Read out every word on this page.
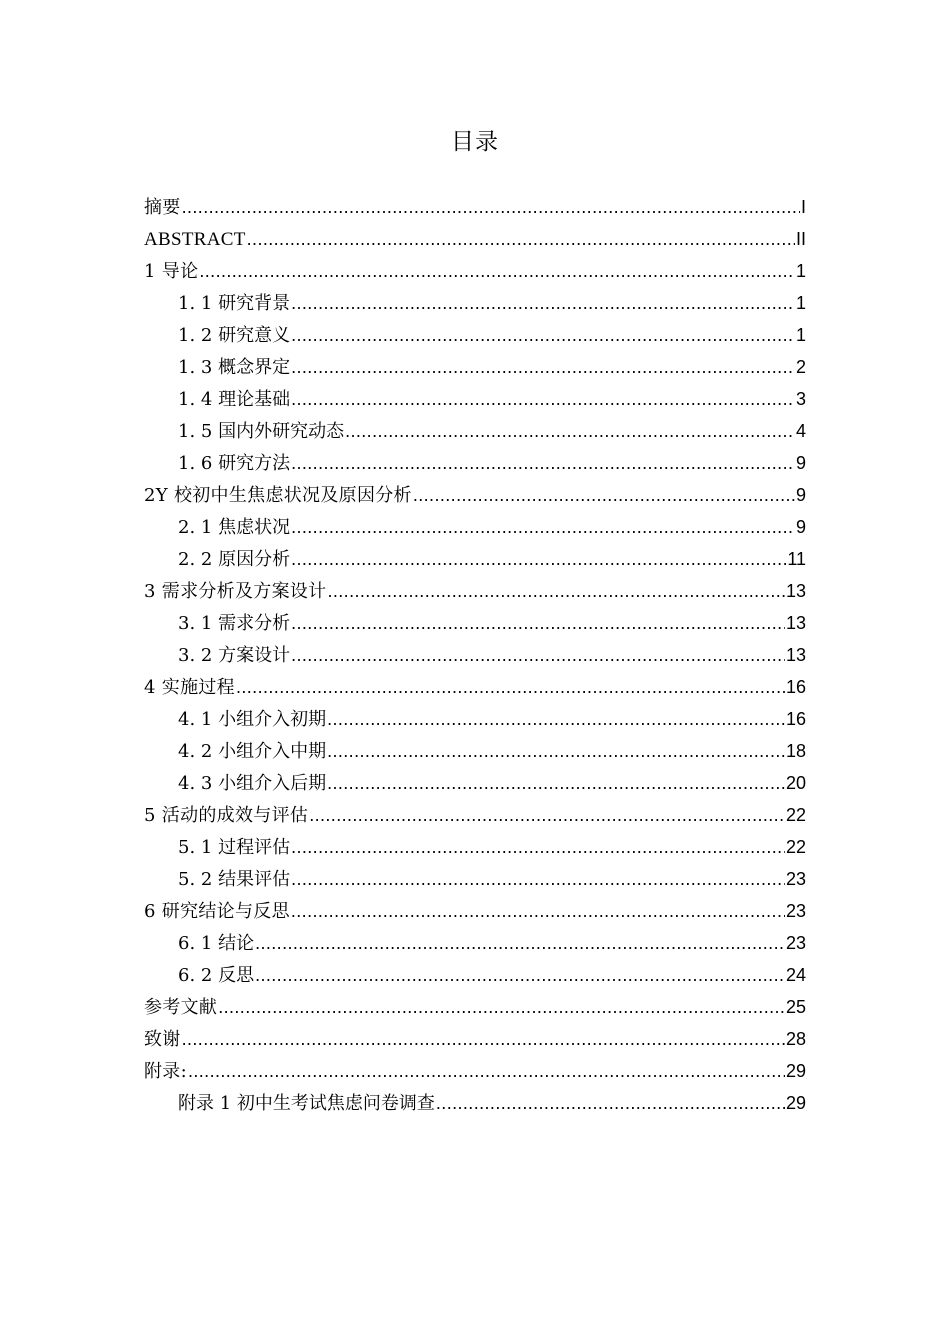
目录
摘要 .....	I
ABSTRACT .....	II
1 导论 .....	1
1. 1 研究背景 .....	1
1. 2 研究意义 .....	1
1. 3 概念界定 .....	2
1. 4 理论基础 .....	3
1. 5 国内外研究动态 .....	4
1. 6 研究方法 .....	9
2Y 校初中生焦虑状况及原因分析 .....	9
2. 1 焦虑状况 .....	9
2. 2 原因分析 .....	11
3 需求分析及方案设计 .....	13
3. 1 需求分析 .....	13
3. 2 方案设计 .....	13
4 实施过程 .....	16
4. 1 小组介入初期 .....	16
4. 2 小组介入中期 .....	18
4. 3 小组介入后期 .....	20
5 活动的成效与评估 .....	22
5. 1 过程评估 .....	22
5. 2 结果评估 .....	23
6 研究结论与反思 .....	23
6. 1 结论 .....	23
6. 2 反思 .....	24
参考文献 .....	25
致谢 .....	28
附录: .....	29
附录 1 初中生考试焦虑问卷调查 .....	29
